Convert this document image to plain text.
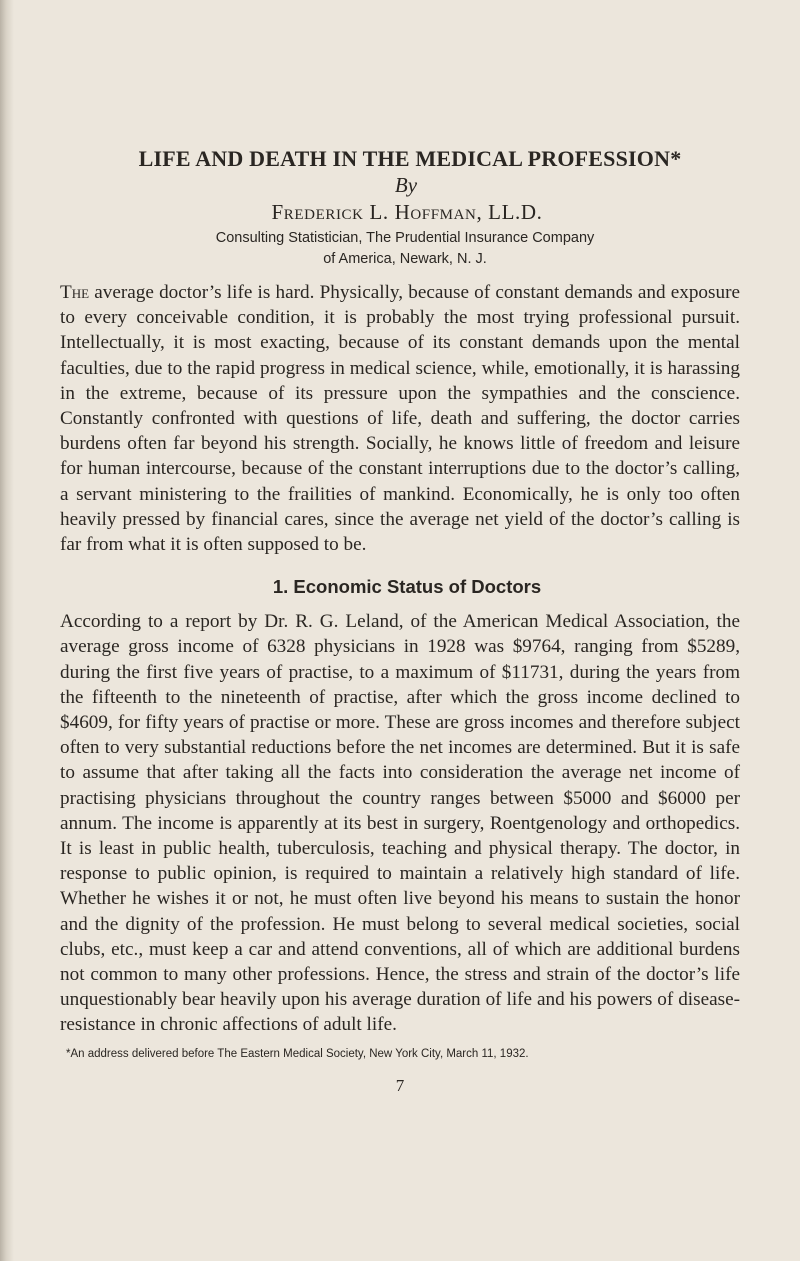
LIFE AND DEATH IN THE MEDICAL PROFESSION*

By

Frederick L. Hoffman, LL.D.

Consulting Statistician, The Prudential Insurance Company
of America, Newark, N. J.

The average doctor’s life is hard. Physically, because of constant demands and exposure to every conceivable condition, it is probably the most trying professional pursuit. Intellectually, it is most exacting, because of its constant demands upon the mental faculties, due to the rapid progress in medical science, while, emotionally, it is harassing in the extreme, because of its pressure upon the sympathies and the conscience. Constantly confronted with questions of life, death and suffering, the doctor carries burdens often far beyond his strength. Socially, he knows little of freedom and leisure for human intercourse, because of the constant interruptions due to the doctor’s calling, a servant ministering to the frailities of mankind. Economically, he is only too often heavily pressed by financial cares, since the average net yield of the doctor’s calling is far from what it is often supposed to be.

1. Economic Status of Doctors

According to a report by Dr. R. G. Leland, of the American Medical Association, the average gross income of 6328 physicians in 1928 was $9764, ranging from $5289, during the first five years of practise, to a maximum of $11731, during the years from the fifteenth to the nineteenth of practise, after which the gross income declined to $4609, for fifty years of practise or more. These are gross incomes and therefore subject often to very substantial reductions before the net incomes are determined. But it is safe to assume that after taking all the facts into consideration the average net income of practising physicians throughout the country ranges between $5000 and $6000 per annum. The income is apparently at its best in surgery, Roentgenology and orthopedics. It is least in public health, tuberculosis, teaching and physical therapy. The doctor, in response to public opinion, is required to maintain a relatively high standard of life. Whether he wishes it or not, he must often live beyond his means to sustain the honor and the dignity of the profession. He must belong to several medical societies, social clubs, etc., must keep a car and attend conventions, all of which are additional burdens not common to many other professions. Hence, the stress and strain of the doctor’s life unquestionably bear heavily upon his average duration of life and his powers of disease-resistance in chronic affections of adult life.

*An address delivered before The Eastern Medical Society, New York City, March 11, 1932.

7
